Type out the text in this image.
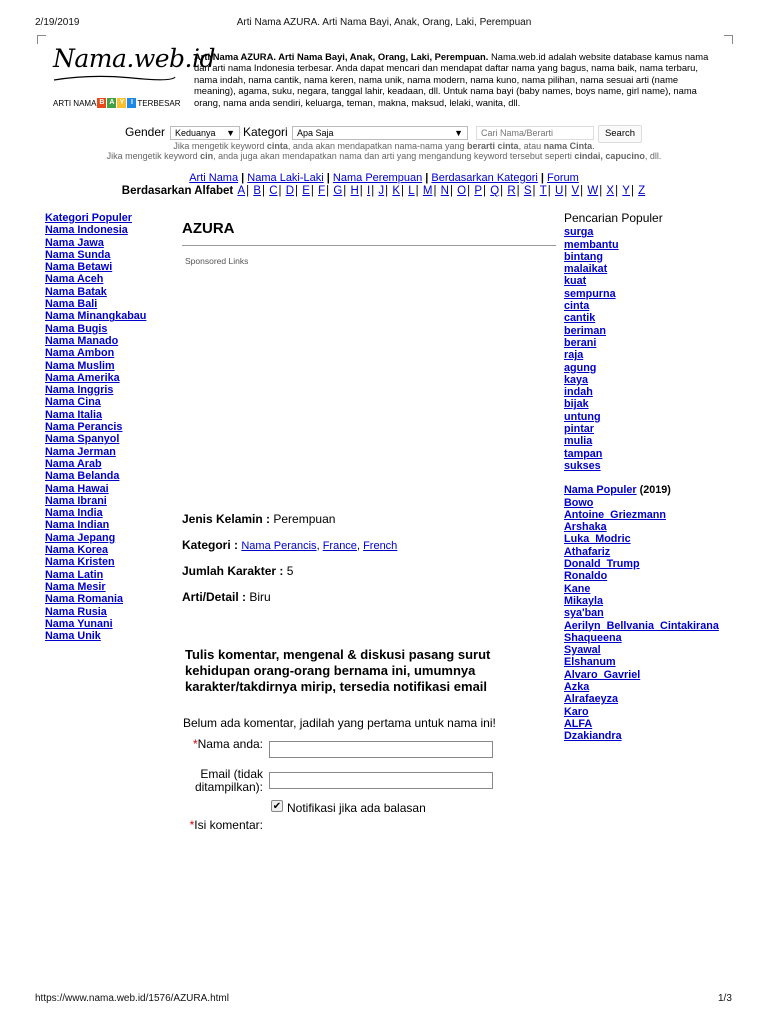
2/19/2019	Arti Nama AZURA. Arti Nama Bayi, Anak, Orang, Laki, Perempuan
Nama.web.id
ARTI NAMA B A Y I TERBESAR
Arti Nama AZURA. Arti Nama Bayi, Anak, Orang, Laki, Perempuan. Nama.web.id adalah website database kamus nama dan arti nama Indonesia terbesar. Anda dapat mencari dan mendapat daftar nama yang bagus, nama baik, nama terbaru, nama indah, nama cantik, nama keren, nama unik, nama modern, nama kuno, nama pilihan, nama sesuai arti (name meaning), agama, suku, negara, tanggal lahir, keadaan, dll. Untuk nama bayi (baby names, boys name, girl name), nama orang, nama anda sendiri, keluarga, teman, makna, maksud, lelaki, wanita, dll.
Gender Keduanya ▼ Kategori Apa Saja	▼
Cari Nama/Berarti	Search
Jika mengetik keyword cinta, anda akan mendapatkan nama-nama yang berarti cinta, atau nama Cinta.
Jika mengetik keyword cin, anda juga akan mendapatkan nama dan arti yang mengandung keyword tersebut seperti cindai, capucino, dll.
Arti Nama | Nama Laki-Laki | Nama Perempuan | Berdasarkan Kategori | Forum
Berdasarkan Alfabet A| B| C| D| E| F| G| H| I| J| K| L| M| N| O| P| Q| R| S| T| U| V| W| X| Y| Z
Kategori Populer
Nama Indonesia
Nama Jawa
Nama Sunda
Nama Betawi
Nama Aceh
Nama Batak
Nama Bali
Nama Minangkabau
Nama Bugis
Nama Manado
Nama Ambon
Nama Muslim
Nama Amerika
Nama Inggris
Nama Cina
Nama Italia
Nama Perancis
Nama Spanyol
Nama Jerman
Nama Arab
Nama Belanda
Nama Hawai
Nama Ibrani
Nama India
Nama Indian
Nama Jepang
Nama Korea
Nama Kristen
Nama Latin
Nama Mesir
Nama Romania
Nama Rusia
Nama Yunani
Nama Unik
AZURA
Sponsored Links
Jenis Kelamin : Perempuan
Kategori : Nama Perancis, France, French
Jumlah Karakter : 5
Arti/Detail : Biru
Tulis komentar, mengenal & diskusi pasang surut kehidupan orang-orang bernama ini, umumnya karakter/takdirnya mirip, tersedia notifikasi email
Belum ada komentar, jadilah yang pertama untuk nama ini!
*Nama anda:
Email (tidak ditampilkan):
✔ Notifikasi jika ada balasan
*Isi komentar:
Pencarian Populer
surga
membantu
bintang
malaikat
kuat
sempurna
cinta
cantik
beriman
berani
raja
agung
kaya
indah
bijak
untung
pintar
mulia
tampan
sukses
Nama Populer (2019)
Bowo
Antoine_Griezmann
Arshaka
Luka_Modric
Athafariz
Donald_Trump
Ronaldo
Kane
Mikayla
sya'ban
Aerilyn_Bellvania_Cintakirana
Shaqueena
Syawal
Elshanum
Alvaro_Gavriel
Azka
Alrafaeyza
Karo
ALFA
Dzakiandra
https://www.nama.web.id/1576/AZURA.html	1/3
